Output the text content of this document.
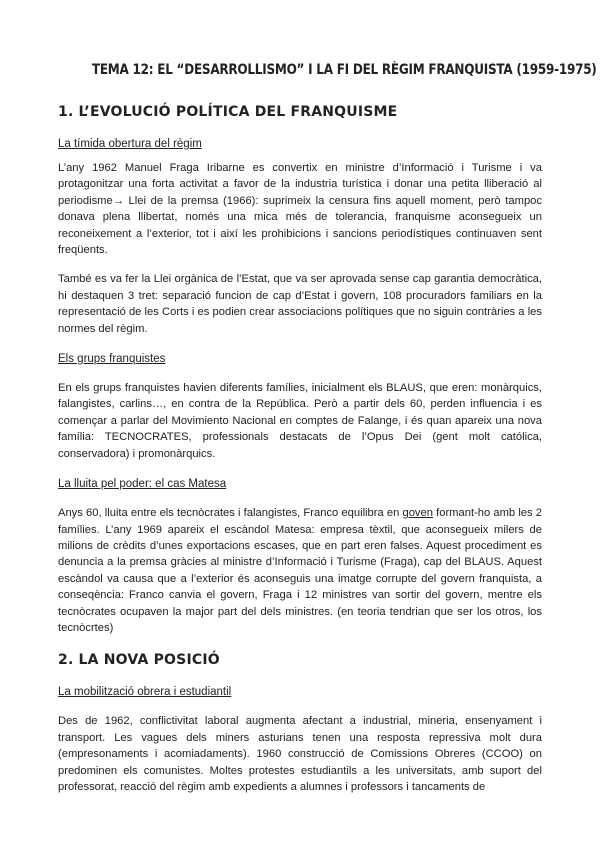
TEMA 12: EL “DESARROLLISMO” I LA FI DEL RÈGIM FRANQUISTA (1959-1975)
1. L’EVOLUCIÓ POLÍTICA DEL FRANQUISME
La tímida obertura del règim

L’any 1962 Manuel Fraga Iribarne es convertix en ministre d’Informació i Turisme i va protagonitzar una forta activitat a favor de la industria turística i donar una petita lliberació al periodisme→ Llei de la premsa (1966): suprimeix la censura fins aquell moment, però tampoc donava plena llibertat, només una mica més de tolerancia, franquisme aconsegueix un reconeixement a l’exterior, tot i així les prohibicions i sancions periodístiques continuaven sent freqüents.

També es va fer la Llei orgànica de l’Estat, que va ser aprovada sense cap garantia democràtica, hi destaquen 3 tret: separació funcion de cap d’Estat i govern, 108 procuradors familiars en la representació de les Corts i es podien crear associacions polítiques que no siguin contràries a les normes del règim.

Els grups franquistes

En els grups franquistes havien diferents famílies, inicialment els BLAUS, que eren: monàrquics, falangistes, carlins…, en contra de la República. Però a partir dels 60, perden influencia i es començar a parlar del Movimiento Nacional en comptes de Falange, i és quan apareix una nova família: TECNOCRATES, professionals destacats de l’Opus Dei (gent molt católica, conservadora) i promonàrquics.

La lluita pel poder: el cas Matesa

Anys 60, lluita entre els tecnòcrates i falangistes, Franco equilibra en goven formant-ho amb les 2 famílies. L’any 1969 apareix el escàndol Matesa: empresa tèxtil, que aconsegueix milers de milions de crèdits d’unes exportacions escases, que en part eren falses. Aquest procediment es denuncia a la premsa gràcies al ministre d’Informació i Turisme (Fraga), cap del BLAUS. Aquest escàndol va causa que a l’exterior és aconseguis una imatge corrupte del govern franquista, a conseqència: Franco canvia el govern, Fraga i 12 ministres van sortir del govern, mentre els tecnòcrates ocupaven la major part del dels ministres. (en teoria tendrian que ser los otros, los tecnòcrtes)

2. LA NOVA POSICIÓ
La mobilització obrera i estudiantil

Des de 1962, conflictivitat laboral augmenta afectant a industrial, mineria, ensenyament i transport. Les vagues dels miners asturians tenen una resposta repressiva molt dura (empresonaments i acomiadaments). 1960 construcció de Comissions Obreres (CCOO) on predominen els comunistes. Moltes protestes estudiantils a les universitats, amb suport del professorat, reacció del règim amb expedients a alumnes i professors i tancaments de
